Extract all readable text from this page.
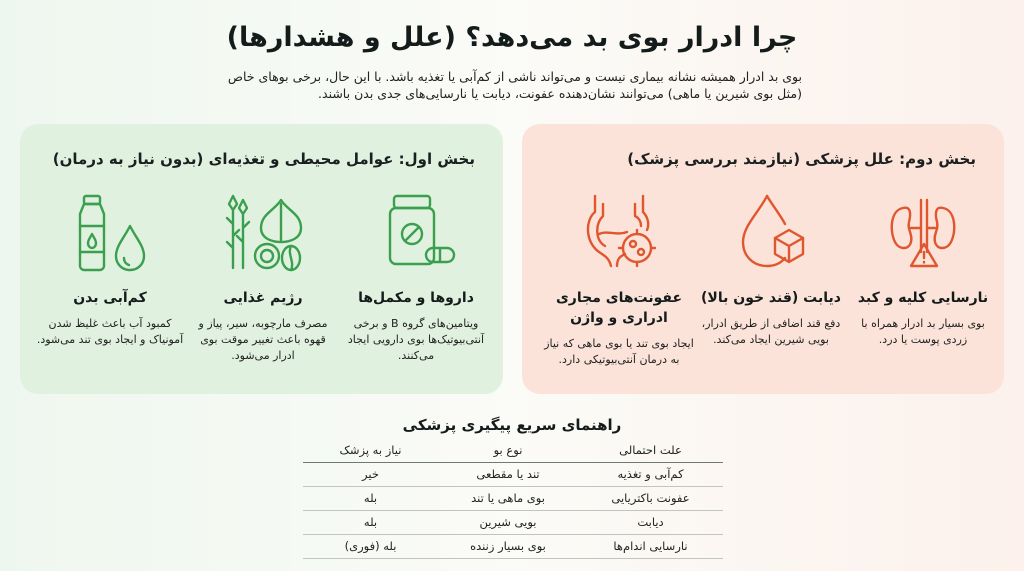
چرا ادرار بوی بد می‌دهد؟ (علل و هشدارها)
بوی بد ادرار همیشه نشانه بیماری نیست و می‌تواند ناشی از کم‌آبی یا تغذیه باشد. با این حال، برخی بوهای خاص (مثل بوی شیرین یا ماهی) می‌توانند نشان‌دهنده عفونت، دیابت یا نارسایی‌های جدی بدن باشند.
بخش دوم: علل پزشکی (نیازمند بررسی پزشک)
نارسایی کلیه و کبد
بوی بسیار بد ادرار همراه با زردی پوست یا درد.
دیابت (قند خون بالا)
دفع قند اضافی از طریق ادرار، بویی شیرین ایجاد می‌کند.
عفونت‌های مجاری ادراری و واژن
ایجاد بوی تند یا بوی ماهی که نیاز به درمان آنتی‌بیوتیکی دارد.
بخش اول: عوامل محیطی و تغذیه‌ای (بدون نیاز به درمان)
داروها و مکمل‌ها
ویتامین‌های گروه B و برخی آنتی‌بیوتیک‌ها بوی دارویی ایجاد می‌کنند.
رژیم غذایی
مصرف مارچوبه، سیر، پیاز و قهوه باعث تغییر موقت بوی ادرار می‌شود.
کم‌آبی بدن
کمبود آب باعث غلیظ شدن آمونیاک و ایجاد بوی تند می‌شود.
راهنمای سریع پیگیری پزشکی
علت احتمالی	نوع بو	نیاز به پزشک
کم‌آبی و تغذیه	تند یا مقطعی	خیر
عفونت باکتریایی	بوی ماهی یا تند	بله
دیابت	بویی شیرین	بله
نارسایی اندام‌ها	بوی بسیار زننده	بله (فوری)
